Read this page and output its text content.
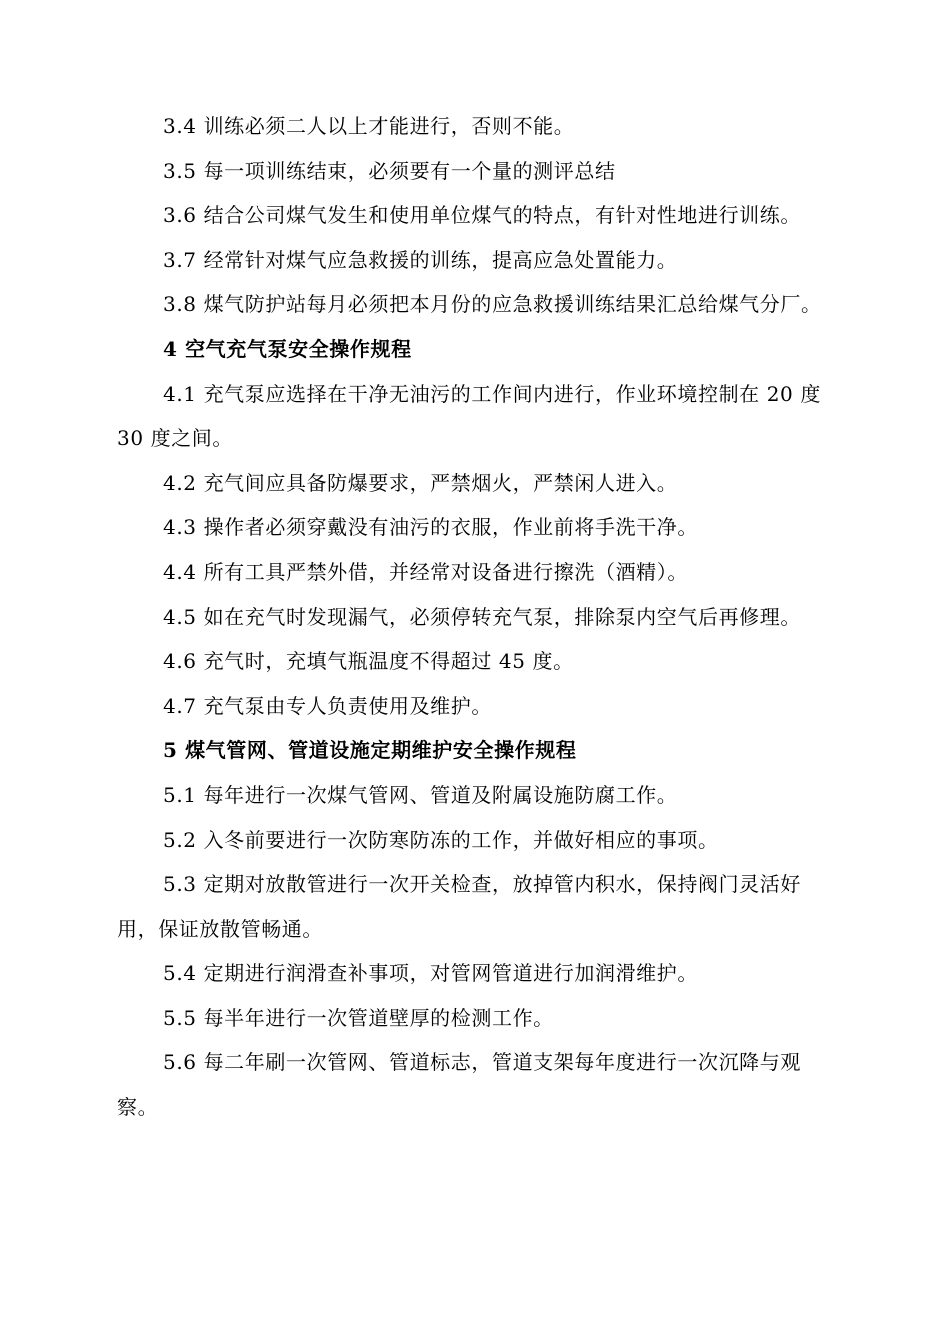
3.4 训练必须二人以上才能进行，否则不能。

3.5 每一项训练结束，必须要有一个量的测评总结

3.6 结合公司煤气发生和使用单位煤气的特点，有针对性地进行训练。

3.7 经常针对煤气应急救援的训练，提高应急处置能力。

3.8 煤气防护站每月必须把本月份的应急救援训练结果汇总给煤气分厂。

4 空气充气泵安全操作规程

4.1 充气泵应选择在干净无油污的工作间内进行，作业环境控制在 20 度30 度之间。

4.2 充气间应具备防爆要求，严禁烟火，严禁闲人进入。

4.3 操作者必须穿戴没有油污的衣服，作业前将手洗干净。

4.4 所有工具严禁外借，并经常对设备进行擦洗（酒精）。

4.5 如在充气时发现漏气，必须停转充气泵，排除泵内空气后再修理。

4.6 充气时，充填气瓶温度不得超过 45 度。

4.7 充气泵由专人负责使用及维护。

5 煤气管网、管道设施定期维护安全操作规程

5.1 每年进行一次煤气管网、管道及附属设施防腐工作。

5.2 入冬前要进行一次防寒防冻的工作，并做好相应的事项。

5.3 定期对放散管进行一次开关检查，放掉管内积水，保持阀门灵活好用，保证放散管畅通。

5.4 定期进行润滑查补事项，对管网管道进行加润滑维护。

5.5 每半年进行一次管道壁厚的检测工作。

5.6 每二年刷一次管网、管道标志，管道支架每年度进行一次沉降与观察。
